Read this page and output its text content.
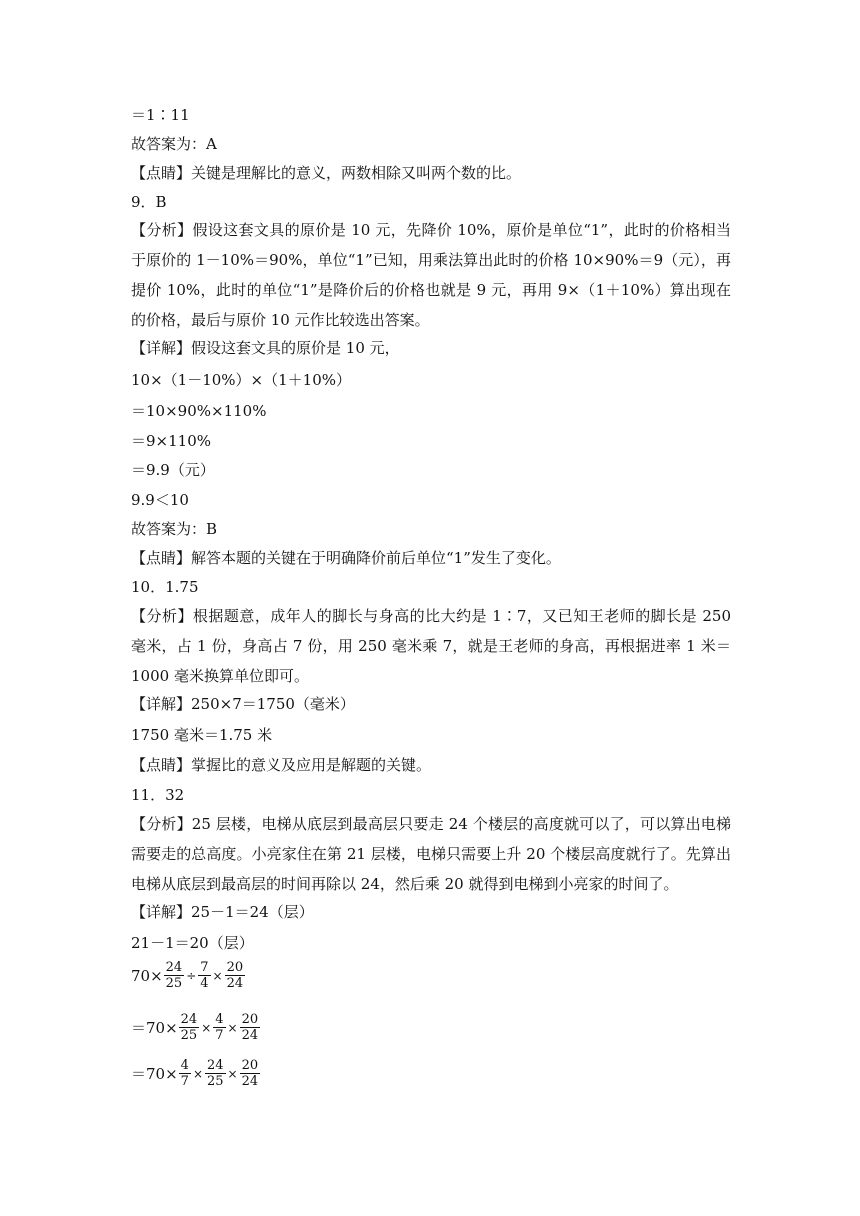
＝1∶11
故答案为：A
【点睛】关键是理解比的意义，两数相除又叫两个数的比。
9．B
【分析】假设这套文具的原价是 10 元，先降价 10%，原价是单位“1”，此时的价格相当于原价的 1－10%＝90%，单位“1”已知，用乘法算出此时的价格 10×90%＝9（元），再提价 10%，此时的单位“1”是降价后的价格也就是 9 元，再用 9×（1＋10%）算出现在的价格，最后与原价 10 元作比较选出答案。
【详解】假设这套文具的原价是 10 元，
10×（1－10%）×（1＋10%）
＝10×90%×110%
＝9×110%
＝9.9（元）
9.9＜10
故答案为：B
【点睛】解答本题的关键在于明确降价前后单位“1”发生了变化。
10．1.75
【分析】根据题意，成年人的脚长与身高的比大约是 1∶7，又已知王老师的脚长是 250 毫米，占 1 份，身高占 7 份，用 250 毫米乘 7，就是王老师的身高，再根据进率 1 米＝1000 毫米换算单位即可。
【详解】250×7＝1750（毫米）
1750 毫米＝1.75 米
【点睛】掌握比的意义及应用是解题的关键。
11．32
【分析】25 层楼，电梯从底层到最高层只要走 24 个楼层的高度就可以了，可以算出电梯需要走的总高度。小亮家住在第 21 层楼，电梯只需要上升 20 个楼层高度就行了。先算出电梯从底层到最高层的时间再除以 24，然后乘 20 就得到电梯到小亮家的时间了。
【详解】25－1＝24（层）
21－1＝20（层）
$70\times \frac{24}{25} \div \frac{7}{4} \times \frac{20}{24}$
$=70\times \frac{24}{25} \times \frac{4}{7} \times \frac{20}{24}$
$=70\times \frac{4}{7} \times \frac{24}{25} \times \frac{20}{24}$
